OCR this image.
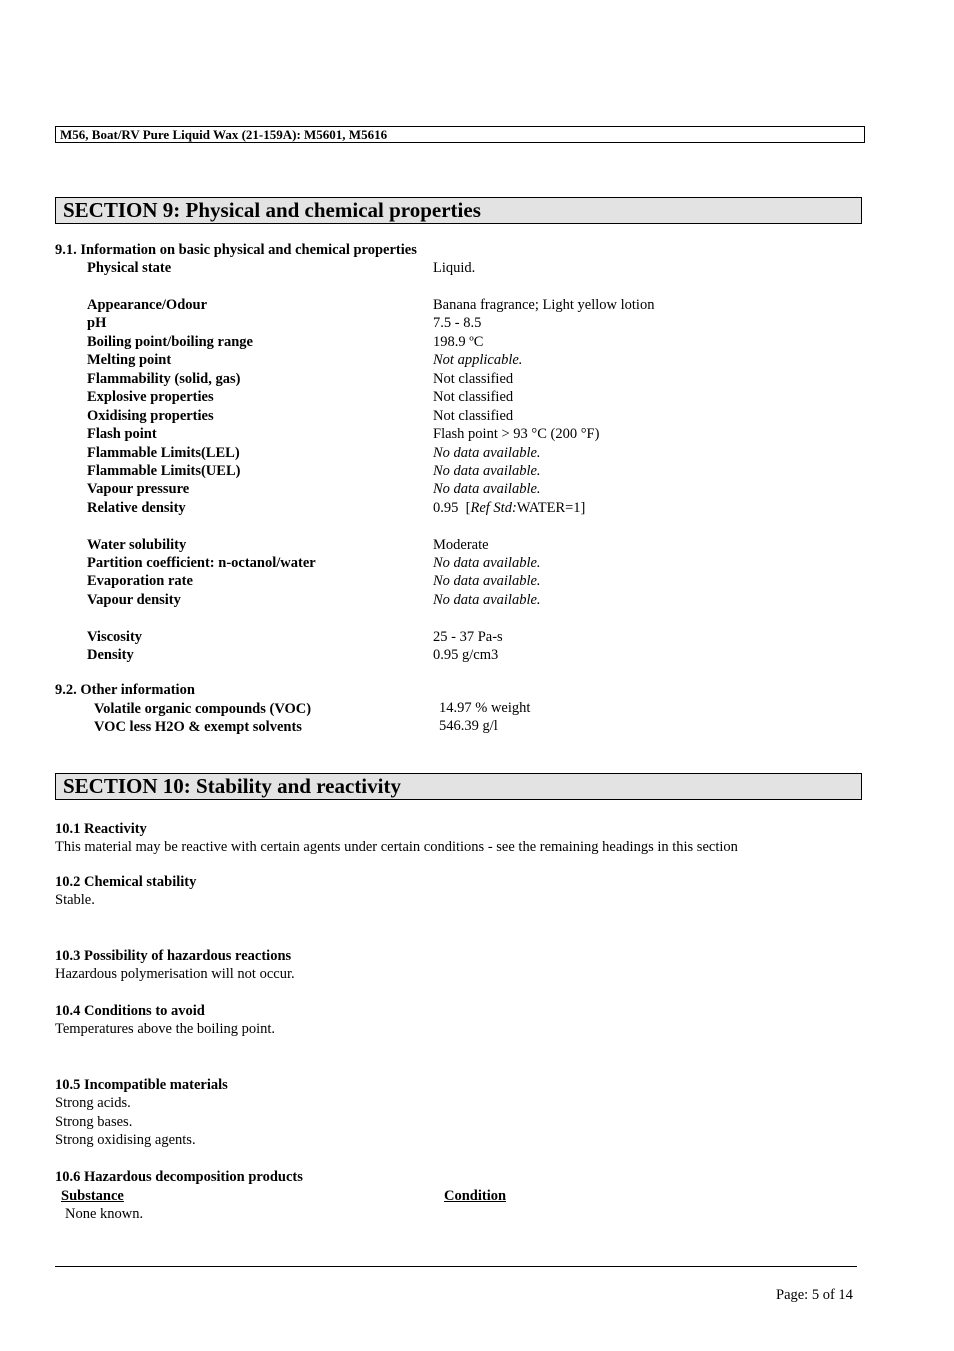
M56, Boat/RV Pure Liquid Wax (21-159A): M5601, M5616
SECTION 9: Physical and chemical properties
9.1. Information on basic physical and chemical properties
Physical state	Liquid.
Appearance/Odour	Banana fragrance; Light yellow lotion
pH	7.5 - 8.5
Boiling point/boiling range	198.9 ºC
Melting point	Not applicable.
Flammability (solid, gas)	Not classified
Explosive properties	Not classified
Oxidising properties	Not classified
Flash point	Flash point > 93 °C (200 °F)
Flammable Limits(LEL)	No data available.
Flammable Limits(UEL)	No data available.
Vapour pressure	No data available.
Relative density	0.95 [Ref Std:WATER=1]
Water solubility	Moderate
Partition coefficient: n-octanol/water	No data available.
Evaporation rate	No data available.
Vapour density	No data available.
Viscosity	25 - 37 Pa-s
Density	0.95 g/cm3
9.2. Other information
Volatile organic compounds (VOC)	14.97 % weight
VOC less H2O & exempt solvents	546.39 g/l
SECTION 10: Stability and reactivity
10.1 Reactivity
This material may be reactive with certain agents under certain conditions - see the remaining headings in this section
10.2 Chemical stability
Stable.
10.3 Possibility of hazardous reactions
Hazardous polymerisation will not occur.
10.4 Conditions to avoid
Temperatures above the boiling point.
10.5 Incompatible materials
Strong acids.
Strong bases.
Strong oxidising agents.
10.6 Hazardous decomposition products
Substance	Condition
None known.
Page: 5 of 14
